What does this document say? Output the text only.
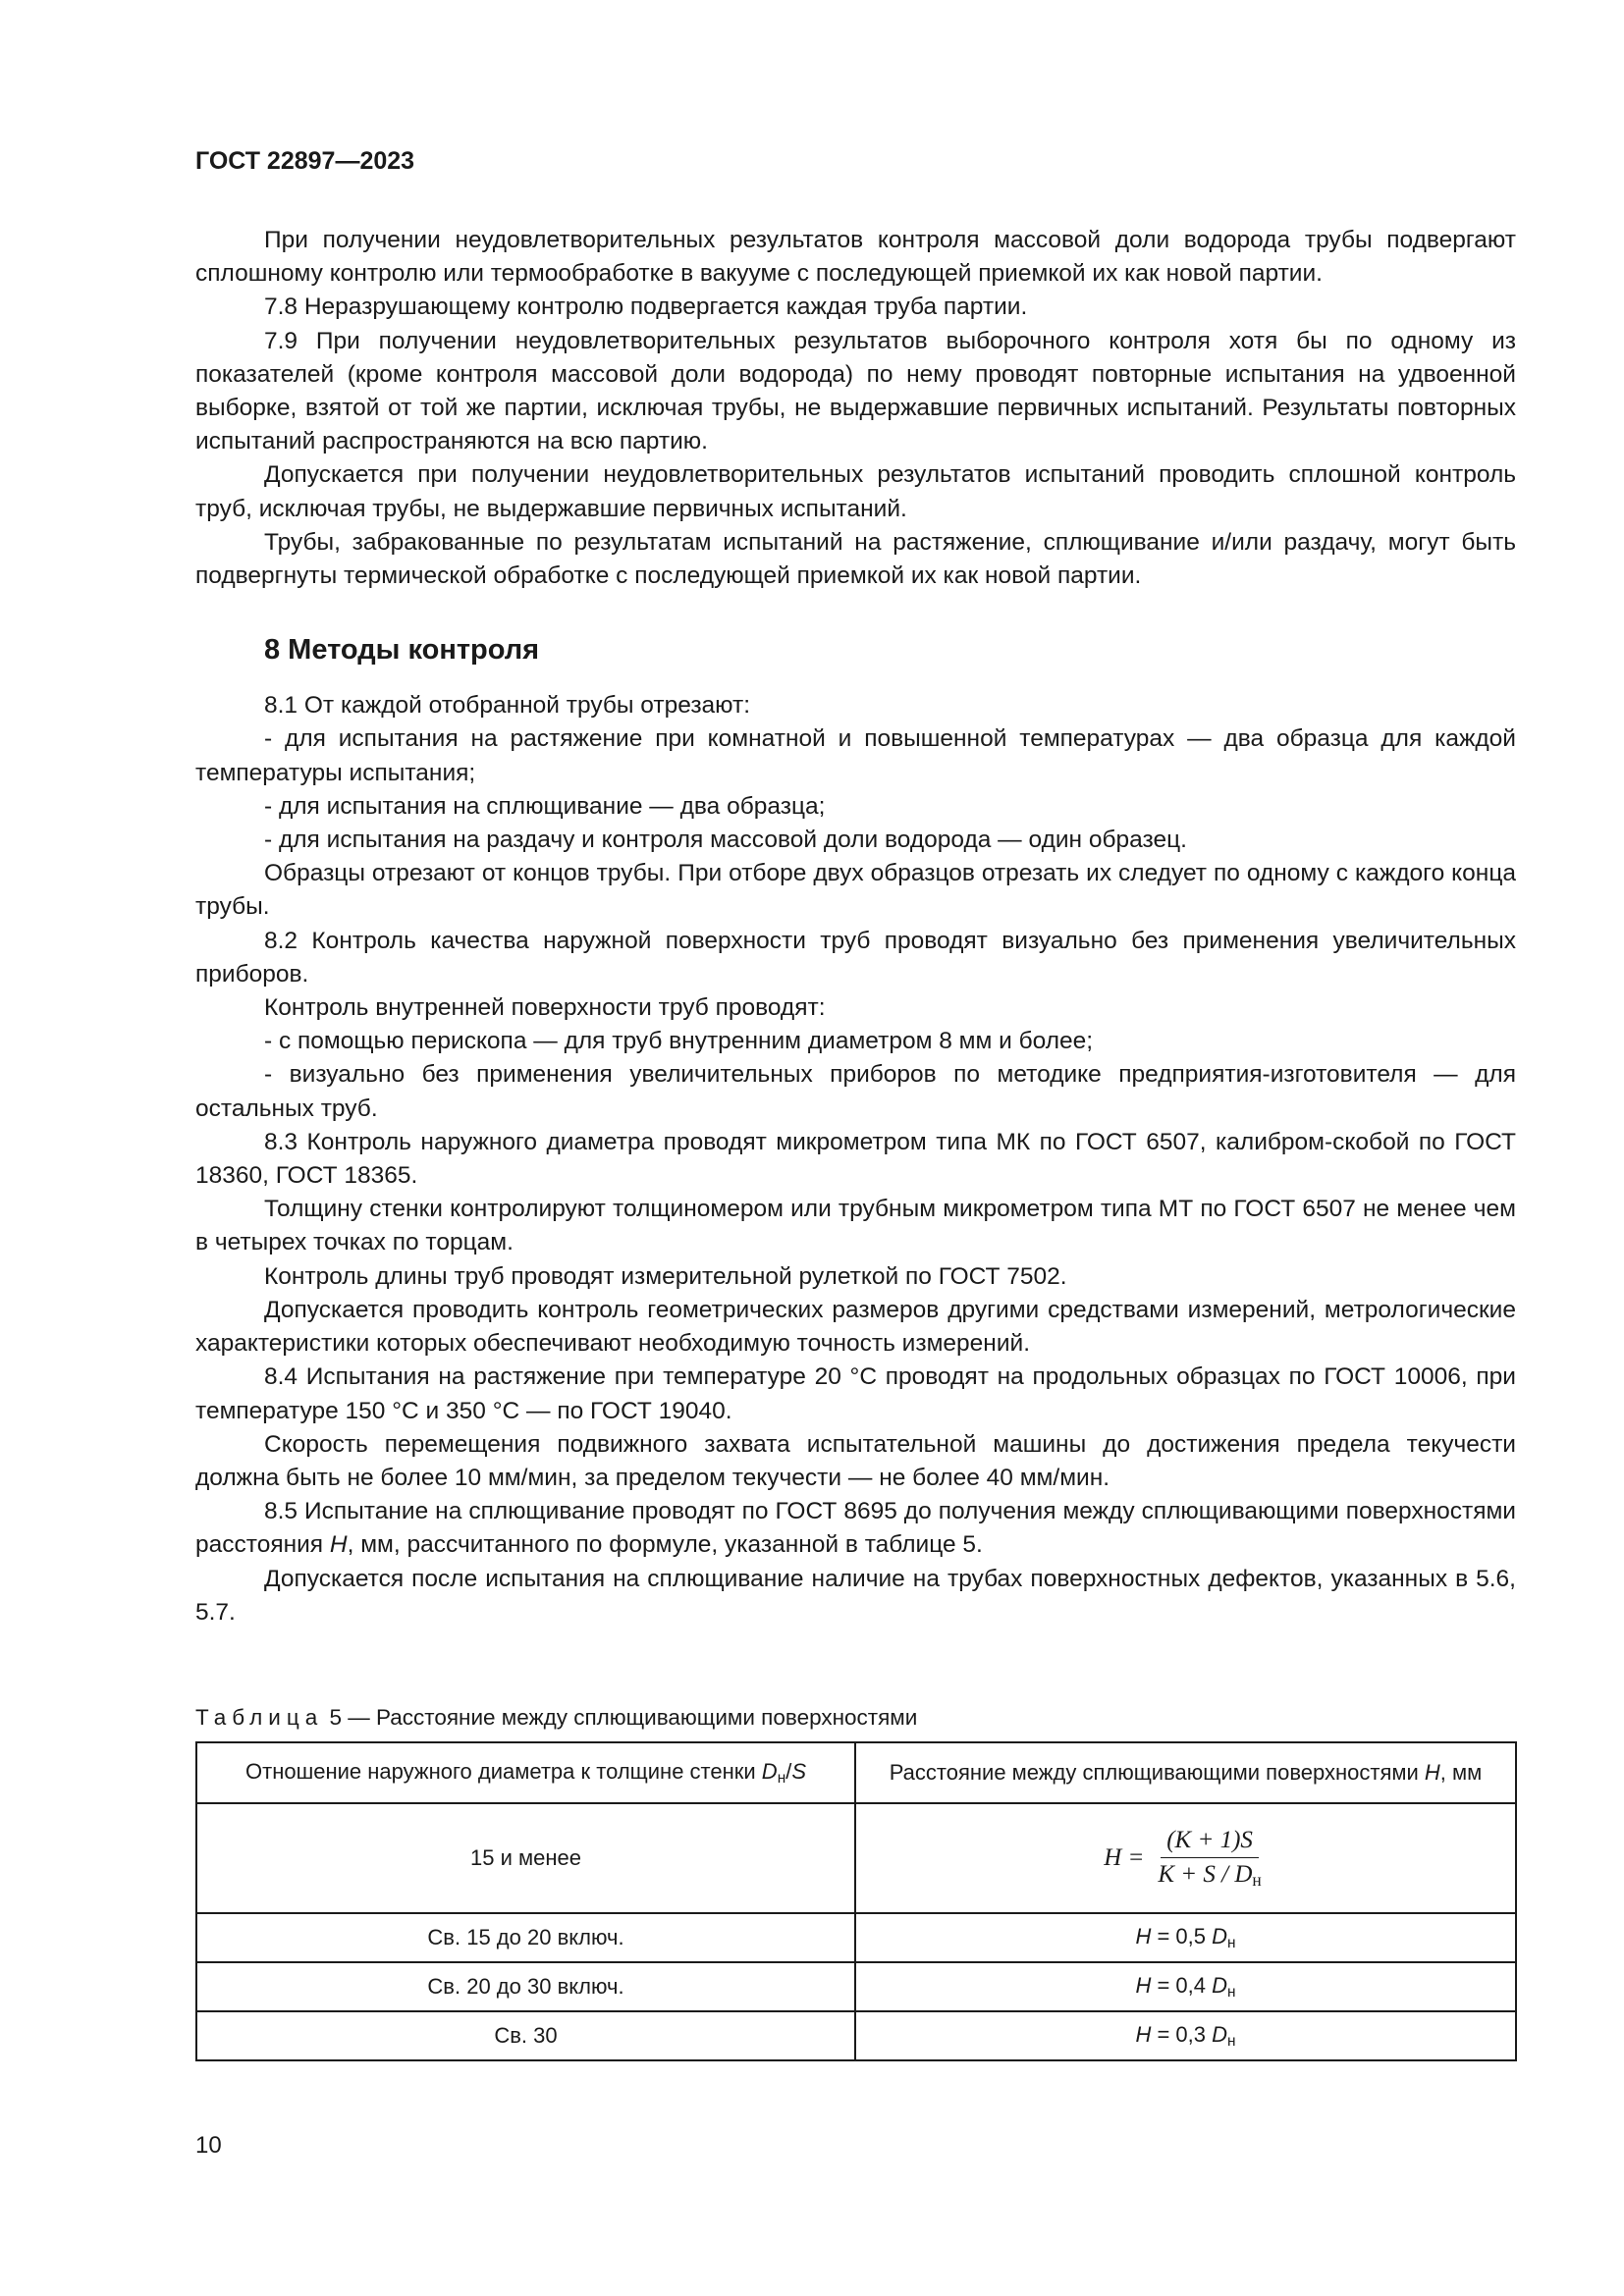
ГОСТ 22897—2023

При получении неудовлетворительных результатов контроля массовой доли водорода трубы подвергают сплошному контролю или термообработке в вакууме с последующей приемкой их как новой партии.

7.8 Неразрушающему контролю подвергается каждая труба партии.

7.9 При получении неудовлетворительных результатов выборочного контроля хотя бы по одному из показателей (кроме контроля массовой доли водорода) по нему проводят повторные испытания на удвоенной выборке, взятой от той же партии, исключая трубы, не выдержавшие первичных испытаний. Результаты повторных испытаний распространяются на всю партию.

Допускается при получении неудовлетворительных результатов испытаний проводить сплошной контроль труб, исключая трубы, не выдержавшие первичных испытаний.

Трубы, забракованные по результатам испытаний на растяжение, сплющивание и/или раздачу, могут быть подвергнуты термической обработке с последующей приемкой их как новой партии.

8 Методы контроля

8.1 От каждой отобранной трубы отрезают:

- для испытания на растяжение при комнатной и повышенной температурах — два образца для каждой температуры испытания;

- для испытания на сплющивание — два образца;

- для испытания на раздачу и контроля массовой доли водорода — один образец.

Образцы отрезают от концов трубы. При отборе двух образцов отрезать их следует по одному с каждого конца трубы.

8.2 Контроль качества наружной поверхности труб проводят визуально без применения увеличительных приборов.

Контроль внутренней поверхности труб проводят:

- с помощью перископа — для труб внутренним диаметром 8 мм и более;

- визуально без применения увеличительных приборов по методике предприятия-изготовителя — для остальных труб.

8.3 Контроль наружного диаметра проводят микрометром типа МК по ГОСТ 6507, калибром-скобой по ГОСТ 18360, ГОСТ 18365.

Толщину стенки контролируют толщиномером или трубным микрометром типа МТ по ГОСТ 6507 не менее чем в четырех точках по торцам.

Контроль длины труб проводят измерительной рулеткой по ГОСТ 7502.

Допускается проводить контроль геометрических размеров другими средствами измерений, метрологические характеристики которых обеспечивают необходимую точность измерений.

8.4 Испытания на растяжение при температуре 20 °С проводят на продольных образцах по ГОСТ 10006, при температуре 150 °С и 350 °С — по ГОСТ 19040.

Скорость перемещения подвижного захвата испытательной машины до достижения предела текучести должна быть не более 10 мм/мин, за пределом текучести — не более 40 мм/мин.

8.5 Испытание на сплющивание проводят по ГОСТ 8695 до получения между сплющивающими поверхностями расстояния H, мм, рассчитанного по формуле, указанной в таблице 5.

Допускается после испытания на сплющивание наличие на трубах поверхностных дефектов, указанных в 5.6, 5.7.

Таблица 5 — Расстояние между сплющивающими поверхностями
Отношение наружного диаметра к толщине стенки $D_н/S$	Расстояние между сплющивающими поверхностями H, мм
15 и менее	$H = \frac{(K + 1)S}{K + S / D_н}$

Св. 15 до 20 включ.	H = 0,5 $D_н$
Св. 20 до 30 включ.	H = 0,4 $D_н$
Св. 30	H = 0,3 $D_н$
10
